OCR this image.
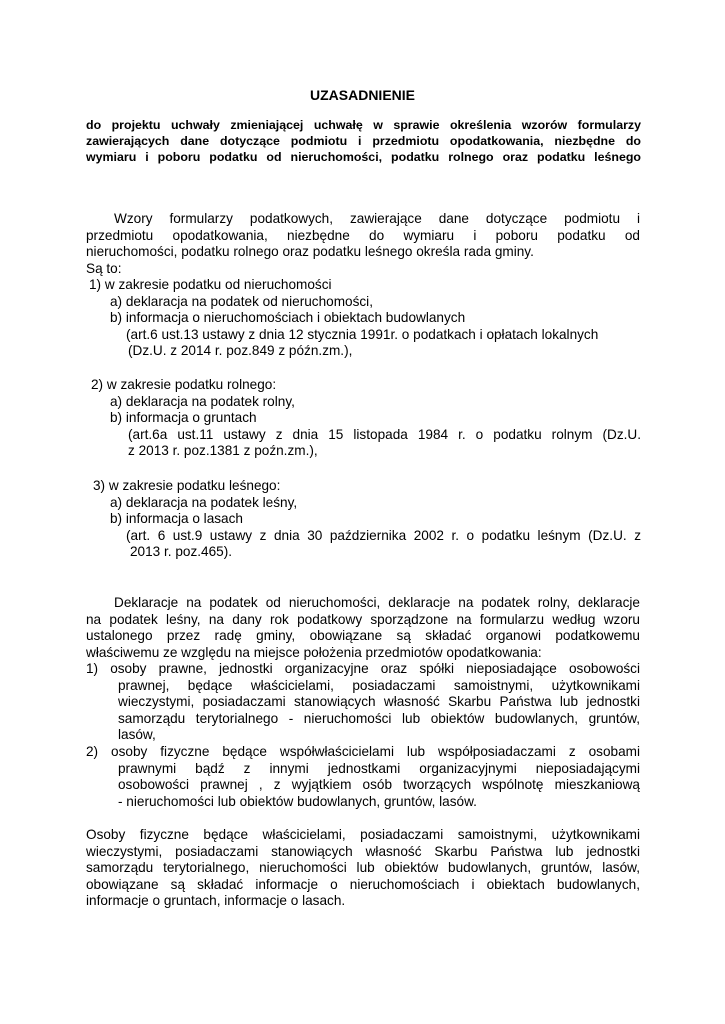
UZASADNIENIE
do projektu uchwały zmieniającej uchwałę w sprawie określenia wzorów formularzy
zawierających dane dotyczące podmiotu i przedmiotu opodatkowania, niezbędne do
wymiaru i poboru podatku od nieruchomości, podatku rolnego oraz podatku leśnego
Wzory formularzy podatkowych, zawierające dane dotyczące podmiotu i
przedmiotu opodatkowania, niezbędne do wymiaru i poboru podatku od
nieruchomości, podatku rolnego oraz podatku leśnego określa rada gminy.
Są to:
1) w zakresie podatku od nieruchomości
a) deklaracja na podatek od nieruchomości,
b) informacja o nieruchomościach i obiektach budowlanych
(art.6 ust.13 ustawy z dnia 12 stycznia 1991r. o podatkach i opłatach lokalnych
(Dz.U. z 2014 r. poz.849 z późn.zm.),
2) w zakresie podatku rolnego:
a) deklaracja na podatek rolny,
b) informacja o gruntach
(art.6a ust.11 ustawy z dnia 15 listopada 1984 r. o podatku rolnym (Dz.U.
z 2013 r. poz.1381 z poźn.zm.),
3) w zakresie podatku leśnego:
a) deklaracja na podatek leśny,
b) informacja o lasach
(art. 6 ust.9 ustawy z dnia 30 października 2002 r. o podatku leśnym (Dz.U. z
2013 r. poz.465).
Deklaracje na podatek od nieruchomości, deklaracje na podatek rolny, deklaracje
na podatek leśny, na dany rok podatkowy sporządzone na formularzu według wzoru
ustalonego przez radę gminy, obowiązane są składać organowi podatkowemu
właściwemu ze względu na miejsce położenia przedmiotów opodatkowania:
1) osoby prawne, jednostki organizacyjne oraz spółki nieposiadające osobowości
prawnej, będące właścicielami, posiadaczami samoistnymi, użytkownikami
wieczystymi, posiadaczami stanowiących własność Skarbu Państwa lub jednostki
samorządu terytorialnego - nieruchomości lub obiektów budowlanych, gruntów,
lasów,
2) osoby fizyczne będące współwłaścicielami lub współposiadaczami z osobami
prawnymi bądź z innymi jednostkami organizacyjnymi nieposiadającymi
osobowości prawnej , z wyjątkiem osób tworzących wspólnotę mieszkaniową
- nieruchomości lub obiektów budowlanych, gruntów, lasów.
Osoby fizyczne będące właścicielami, posiadaczami samoistnymi, użytkownikami
wieczystymi, posiadaczami stanowiących własność Skarbu Państwa lub jednostki
samorządu terytorialnego, nieruchomości lub obiektów budowlanych, gruntów, lasów,
obowiązane są składać informacje o nieruchomościach i obiektach budowlanych,
informacje o gruntach, informacje o lasach.
